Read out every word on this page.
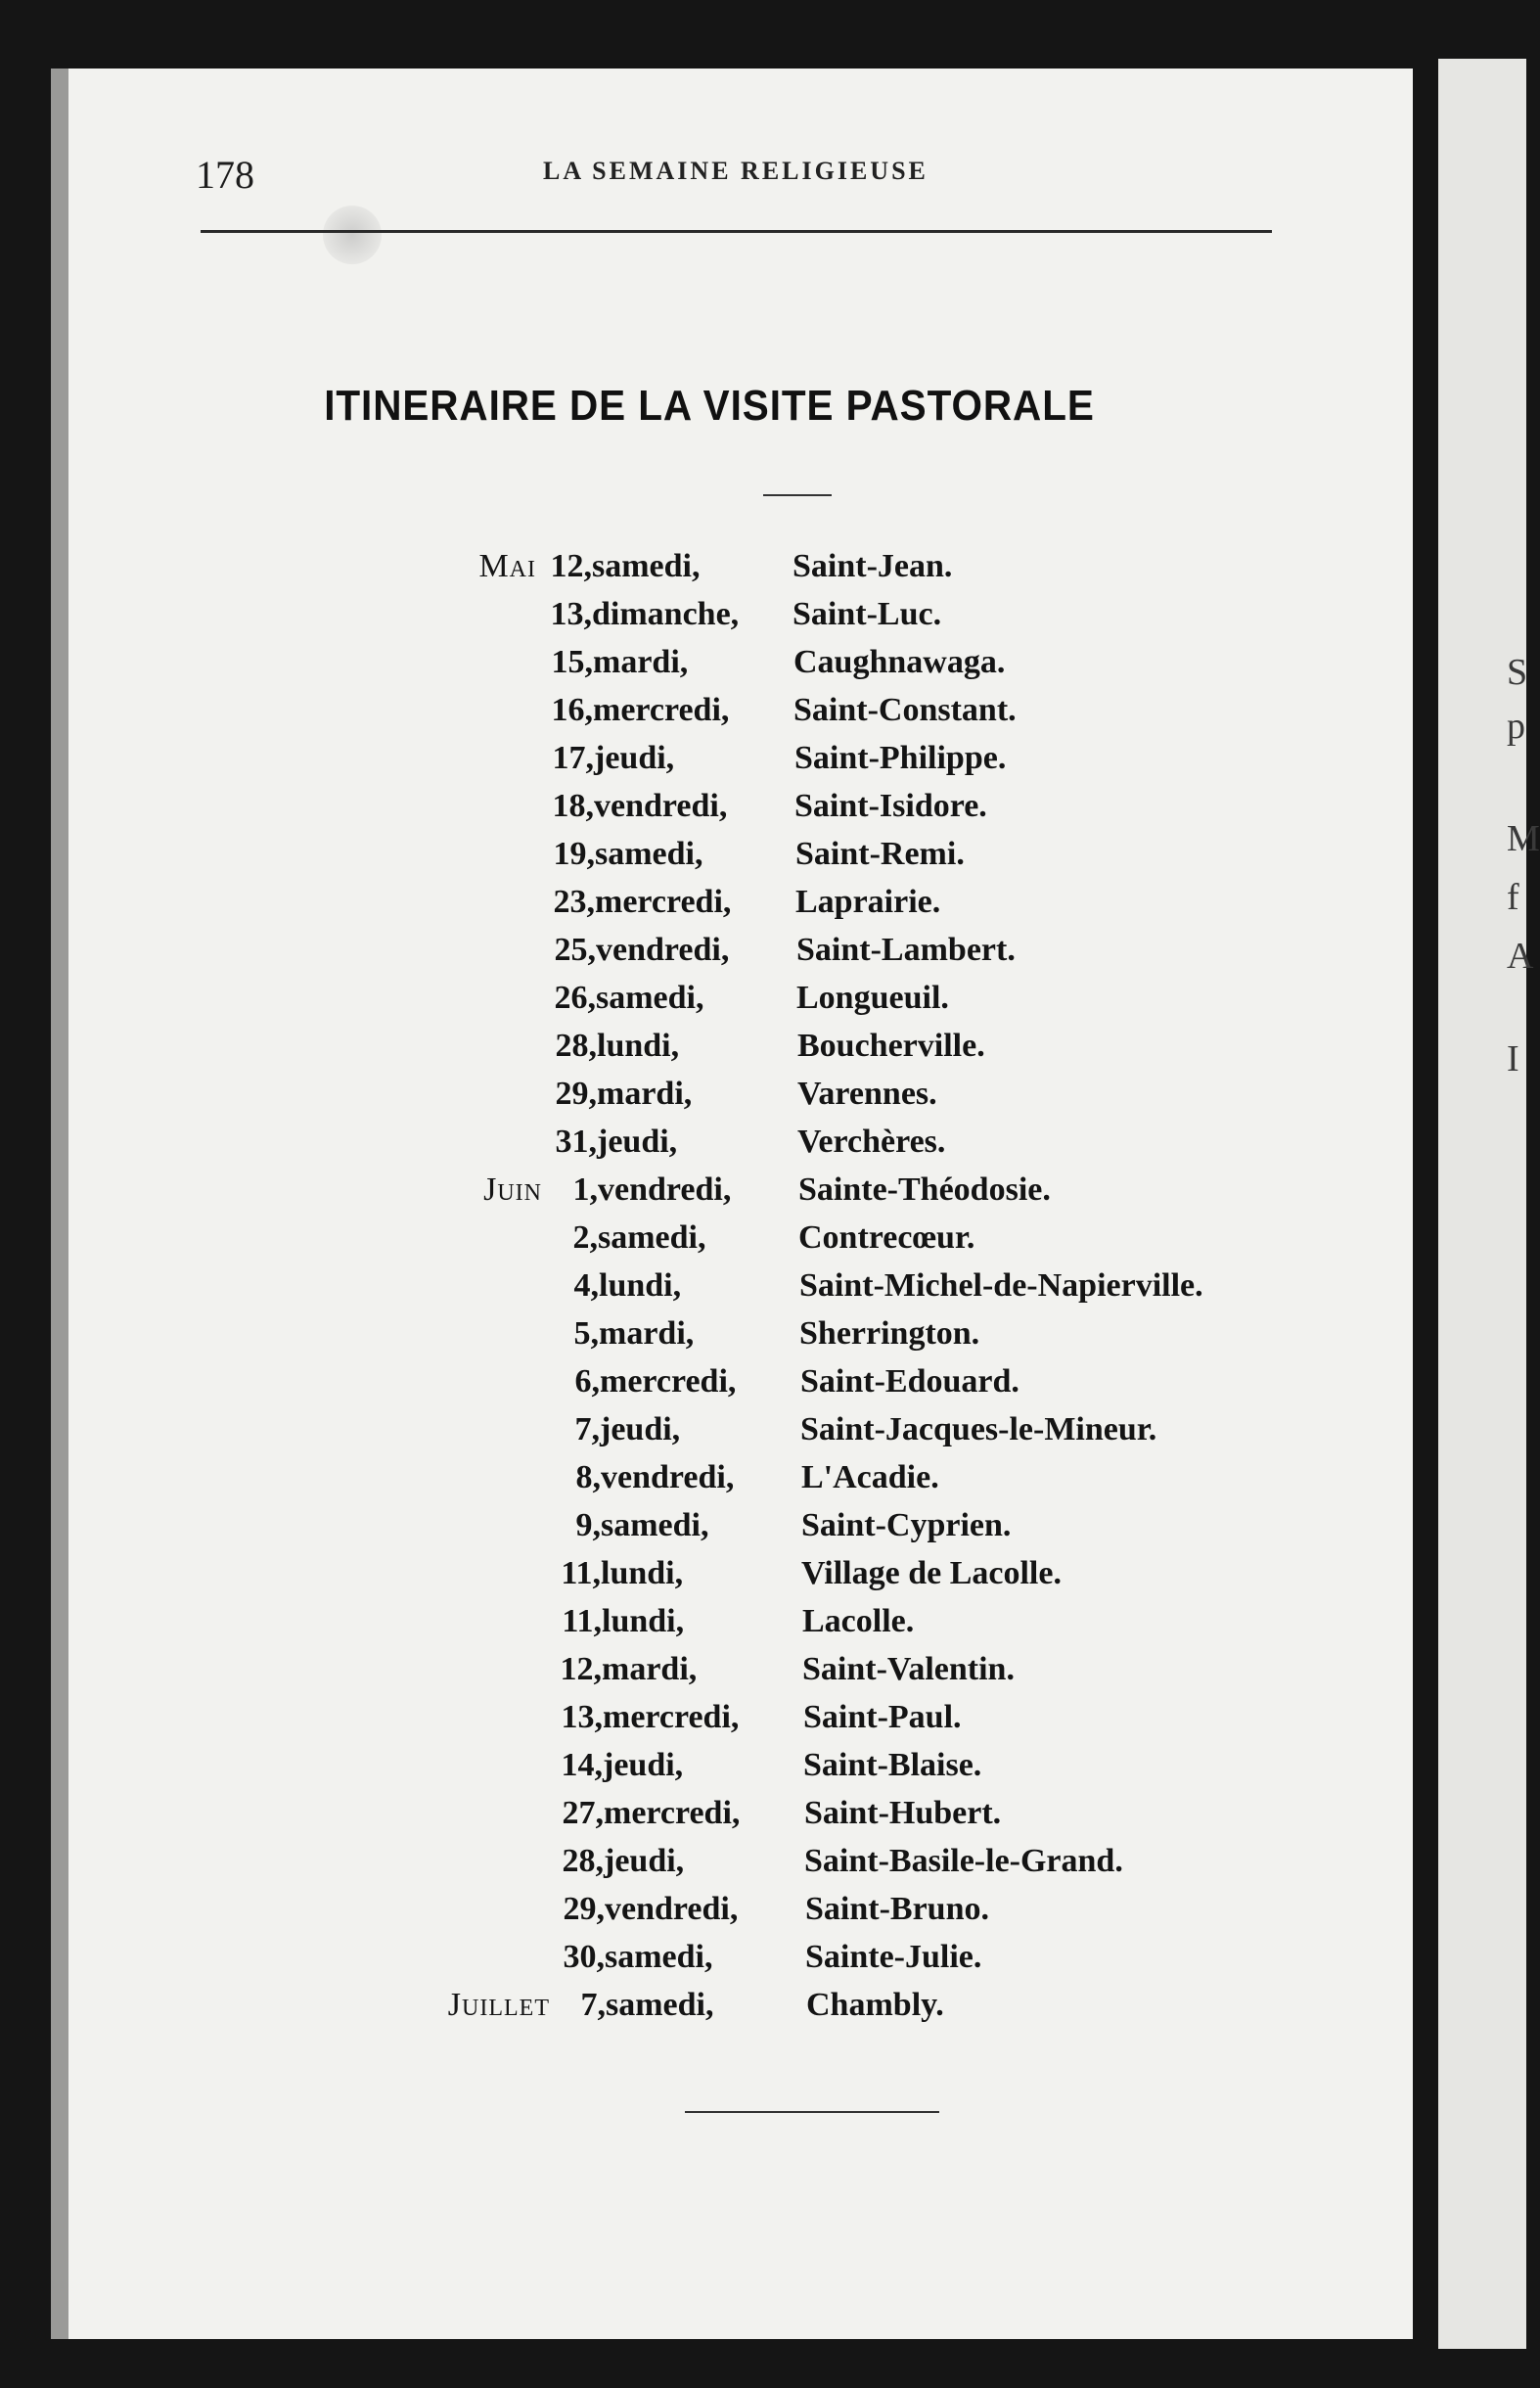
178	LA SEMAINE RELIGIEUSE
ITINERAIRE DE LA VISITE PASTORALE
Mai 12, samedi,	Saint-Jean.
13, dimanche, Saint-Luc.
15, mardi,	Caughnawaga.
16, mercredi, Saint-Constant.
17, jeudi,	Saint-Philippe.
18, vendredi, Saint-Isidore.
19, samedi,	Saint-Remi.
23, mercredi, Laprairie.
25, vendredi, Saint-Lambert.
26, samedi,	Longueuil.
28, lundi,	Boucherville.
29, mardi,	Varennes.
31, jeudi,	Verchères.
Juin 1, vendredi, Sainte-Théodosie.
2, samedi,	Contrecœur.
4, lundi,	Saint-Michel-de-Napierville.
5, mardi,	Sherrington.
6, mercredi, Saint-Edouard.
7, jeudi,	Saint-Jacques-le-Mineur.
8, vendredi, L'Acadie.
9, samedi,	Saint-Cyprien.
11, lundi,	Village de Lacolle.
11, lundi,	Lacolle.
12, mardi,	Saint-Valentin.
13, mercredi, Saint-Paul.
14, jeudi,	Saint-Blaise.
27, mercredi, Saint-Hubert.
28, jeudi,	Saint-Basile-le-Grand.
29, vendredi, Saint-Bruno.
30, samedi,	Sainte-Julie.
Juillet 7, samedi,	Chambly.
S
p
M
f
A
I
